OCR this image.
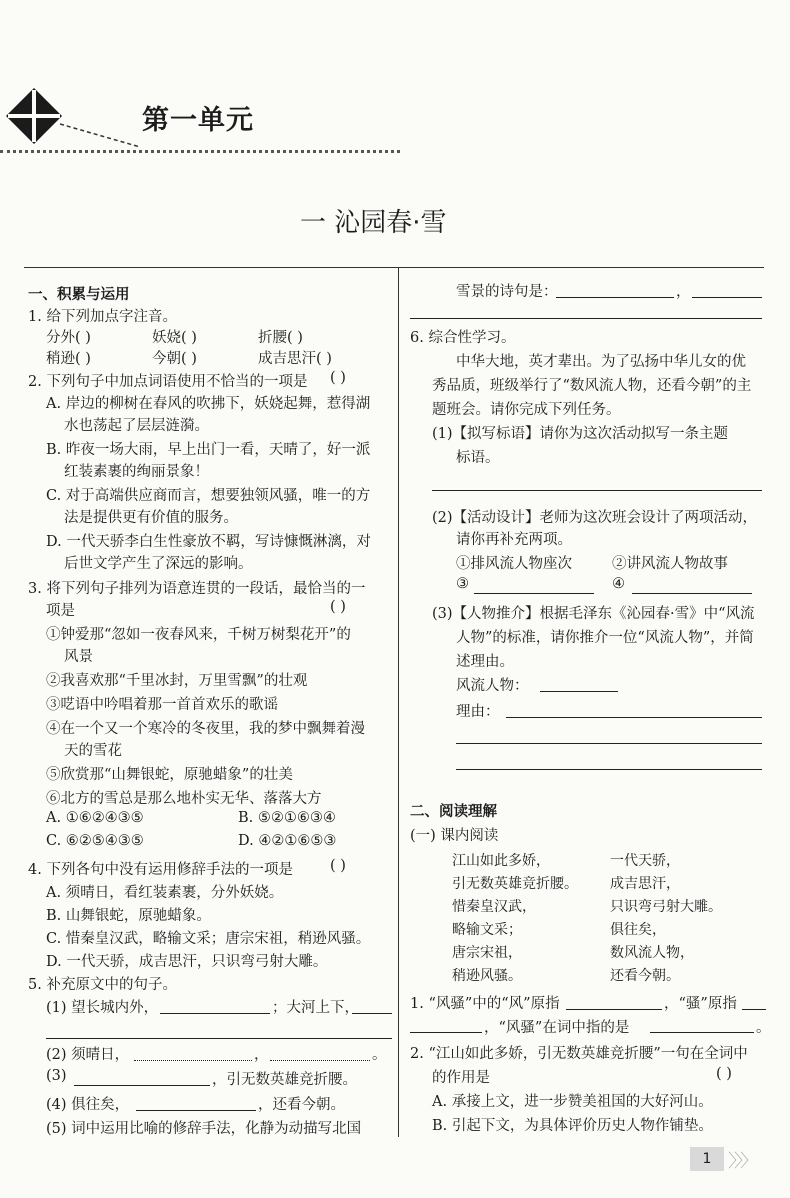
第一单元
一 沁园春·雪
一、积累与运用
1. 给下列加点字注音。
分外( )	妖娆( )	折腰( )
稍逊( )	今朝( )	成吉思汗( )
2. 下列句子中加点词语使用不恰当的一项是 ( )
A. 岸边的柳树在春风的吹拂下，妖娆起舞，惹得湖
水也荡起了层层涟漪。
B. 昨夜一场大雨，早上出门一看，天晴了，好一派
红装素裹的绚丽景象！
C. 对于高端供应商而言，想要独领风骚，唯一的方
法是提供更有价值的服务。
D. 一代天骄李白生性豪放不羁，写诗慷慨淋漓，对
后世文学产生了深远的影响。
3. 将下列句子排列为语意连贯的一段话，最恰当的一
项是	( )
①钟爱那“忽如一夜春风来，千树万树梨花开”的
风景
②我喜欢那“千里冰封，万里雪飘”的壮观
③呓语中吟唱着那一首首欢乐的歌谣
④在一个又一个寒冷的冬夜里，我的梦中飘舞着漫
天的雪花
⑤欣赏那“山舞银蛇，原驰蜡象”的壮美
⑥北方的雪总是那么地朴实无华、落落大方
A. ①⑥②④③⑤	B. ⑤②①⑥③④
C. ⑥②⑤④③⑤	D. ④②①⑥⑤③
4. 下列各句中没有运用修辞手法的一项是	( )
A. 须晴日，看红装素裹，分外妖娆。
B. 山舞银蛇，原驰蜡象。
C. 惜秦皇汉武，略输文采；唐宗宋祖，稍逊风骚。
D. 一代天骄，成吉思汗，只识弯弓射大雕。
5. 补充原文中的句子。
(1) 望长城内外，	；大河上下，
(2) 须晴日，	，	。
(3)	，引无数英雄竞折腰。
(4) 俱往矣，	，还看今朝。
(5) 词中运用比喻的修辞手法，化静为动描写北国
雪景的诗句是：	，
6. 综合性学习。
中华大地，英才辈出。为了弘扬中华儿女的优
秀品质，班级举行了“数风流人物，还看今朝”的主
题班会。请你完成下列任务。
(1)【拟写标语】请你为这次活动拟写一条主题
标语。
(2)【活动设计】老师为这次班会设计了两项活动，
请你再补充两项。
①排风流人物座次	②讲风流人物故事
③	④
(3)【人物推介】根据毛泽东《沁园春·雪》中“风流
人物”的标准，请你推介一位“风流人物”，并简
述理由。
风流人物：
理由：
二、阅读理解
(一) 课内阅读
江山如此多娇，	一代天骄，
引无数英雄竞折腰。 成吉思汗，
惜秦皇汉武，	只识弯弓射大雕。
略输文采；	俱往矣，
唐宗宋祖，	数风流人物，
稍逊风骚。	还看今朝。
1. “风骚”中的“风”原指	，“骚”原指
，“风骚”在词中指的是	。
2. “江山如此多娇，引无数英雄竞折腰”一句在全词中
的作用是	( )
A. 承接上文，进一步赞美祖国的大好河山。
B. 引起下文，为具体评价历史人物作铺垫。
1 〉〉〉
